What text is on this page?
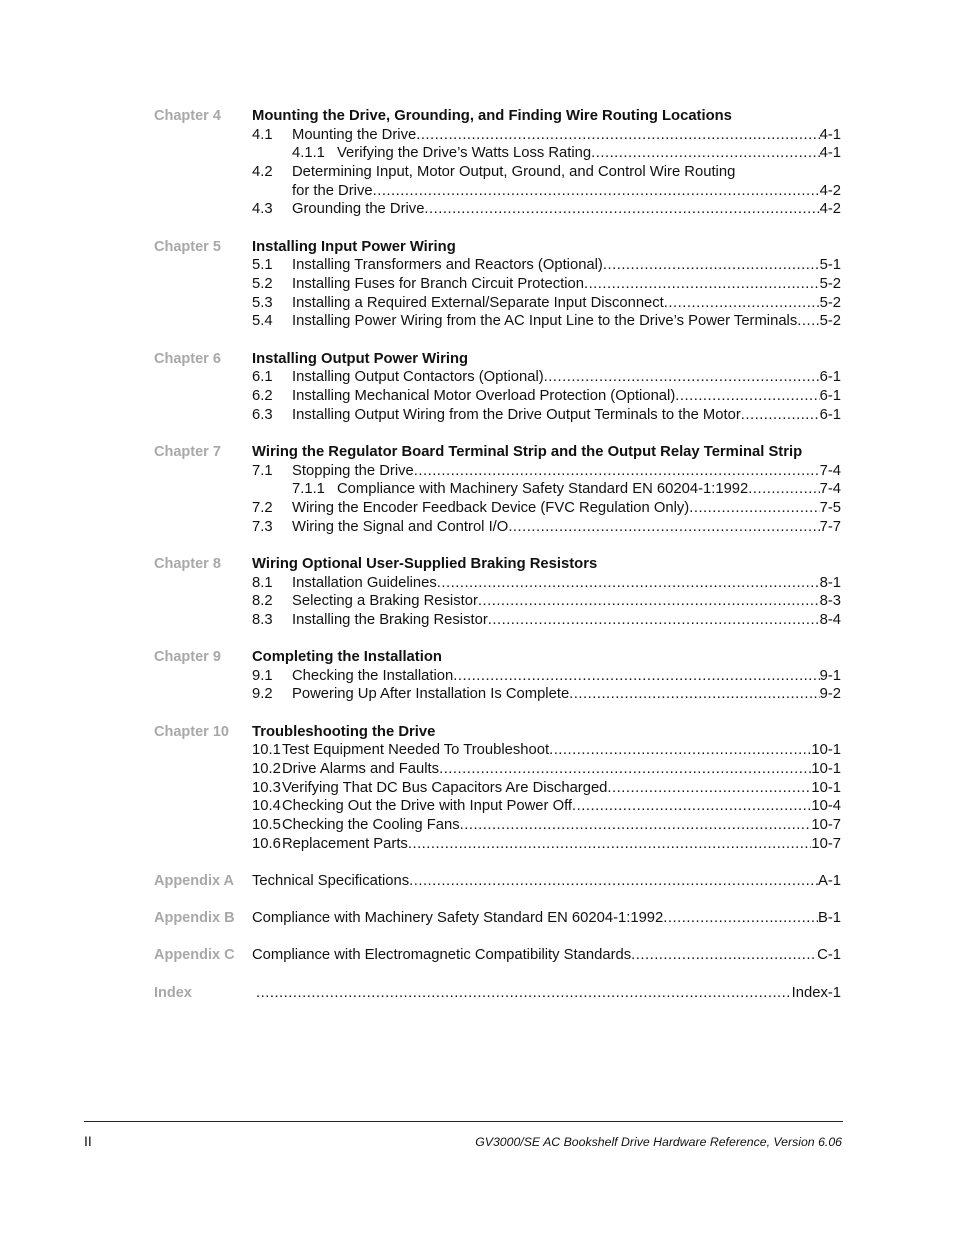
Chapter 4 Mounting the Drive, Grounding, and Finding Wire Routing Locations
4.1	Mounting the Drive .....	4-1
4.1.1 Verifying the Drive’s Watts Loss Rating .....	4-1
4.2	Determining Input, Motor Output, Ground, and Control Wire Routing
for the Drive .....	4-2
4.3	Grounding the Drive .....	4-2
Chapter 5 Installing Input Power Wiring
5.1	Installing Transformers and Reactors (Optional) .....	5-1
5.2	Installing Fuses for Branch Circuit Protection .....	5-2
5.3	Installing a Required External/Separate Input Disconnect .....	5-2
5.4	Installing Power Wiring from the AC Input Line to the Drive’s Power Terminals ..... 5-2
Chapter 6 Installing Output Power Wiring
6.1	Installing Output Contactors (Optional) .....	6-1
6.2	Installing Mechanical Motor Overload Protection (Optional) .....	6-1
6.3	Installing Output Wiring from the Drive Output Terminals to the Motor .....	6-1
Chapter 7 Wiring the Regulator Board Terminal Strip and the Output Relay Terminal Strip
7.1	Stopping the Drive .....	7-4
7.1.1 Compliance with Machinery Safety Standard EN 60204-1:1992 .....	7-4
7.2	Wiring the Encoder Feedback Device (FVC Regulation Only) .....	7-5
7.3	Wiring the Signal and Control I/O .....	7-7
Chapter 8 Wiring Optional User-Supplied Braking Resistors
8.1	Installation Guidelines .....	8-1
8.2	Selecting a Braking Resistor .....	8-3
8.3	Installing the Braking Resistor .....	8-4
Chapter 9 Completing the Installation
9.1	Checking the Installation .....	9-1
9.2	Powering Up After Installation Is Complete .....	9-2
Chapter 10 Troubleshooting the Drive
10.1 Test Equipment Needed To Troubleshoot .....	10-1
10.2 Drive Alarms and Faults .....	10-1
10.3 Verifying That DC Bus Capacitors Are Discharged .....	10-1
10.4 Checking Out the Drive with Input Power Off .....	10-4
10.5 Checking the Cooling Fans .....	10-7
10.6 Replacement Parts .....	10-7
Appendix A Technical Specifications .....	A-1
Appendix B Compliance with Machinery Safety Standard EN 60204-1:1992 .....	B-1
Appendix C Compliance with Electromagnetic Compatibility Standards .....	C-1
Index .....	Index-1
II	GV3000/SE AC Bookshelf Drive Hardware Reference, Version 6.06
